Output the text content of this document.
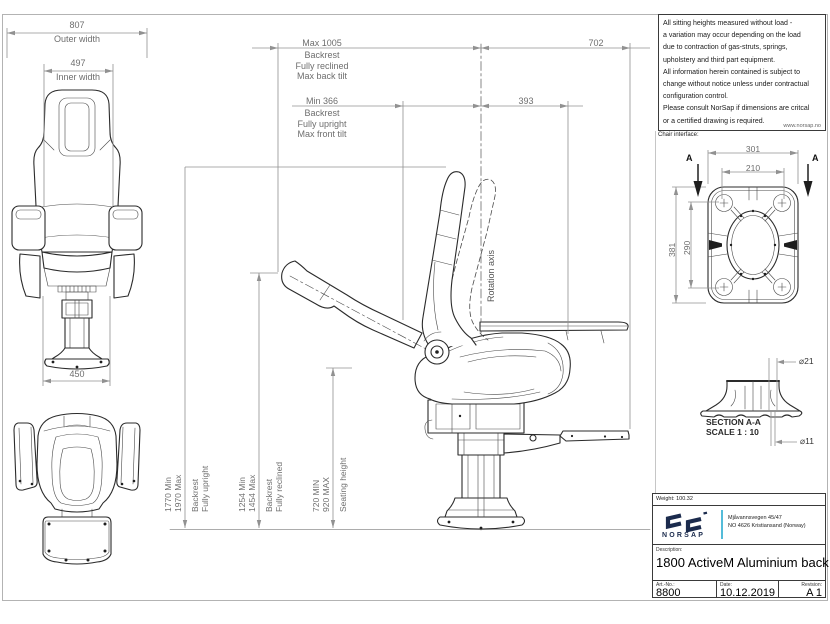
807
Outer width
497
Inner width
450
Max 1005
Backrest
Fully reclined
Max back tilt
Min 366
Backrest
Fully upright
Max front tilt
702
393
Rotation axis
1770 Min 1970 Max Backrest Fully upright	1254 Min 1454 Max Backrest Fully reclined	720 MIN 920 MAX Seating height
All sitting heights measured without load -
a variation may occur depending on the load
due to contraction of gas-struts, springs,
upholstery and third part equipment.
All information herein contained is subject to
change without notice unless under contractual
configuration control.
Please consult NorSap if dimensions are critcal
or a certified drawing is required.
www.norsap.no
Chair interface:
301
210
381 290
A	A
⌀21
⌀11
SECTION A-A
SCALE 1 : 10
Weight: 100.32
NORSAP
Mjåvannsvegen 45/47
NO 4626 Kristiansand (Norway)
Description:
1800 ActiveM Aluminium back
Art.-No.:
8800
Date:
10.12.2019
Revision:
A 1
